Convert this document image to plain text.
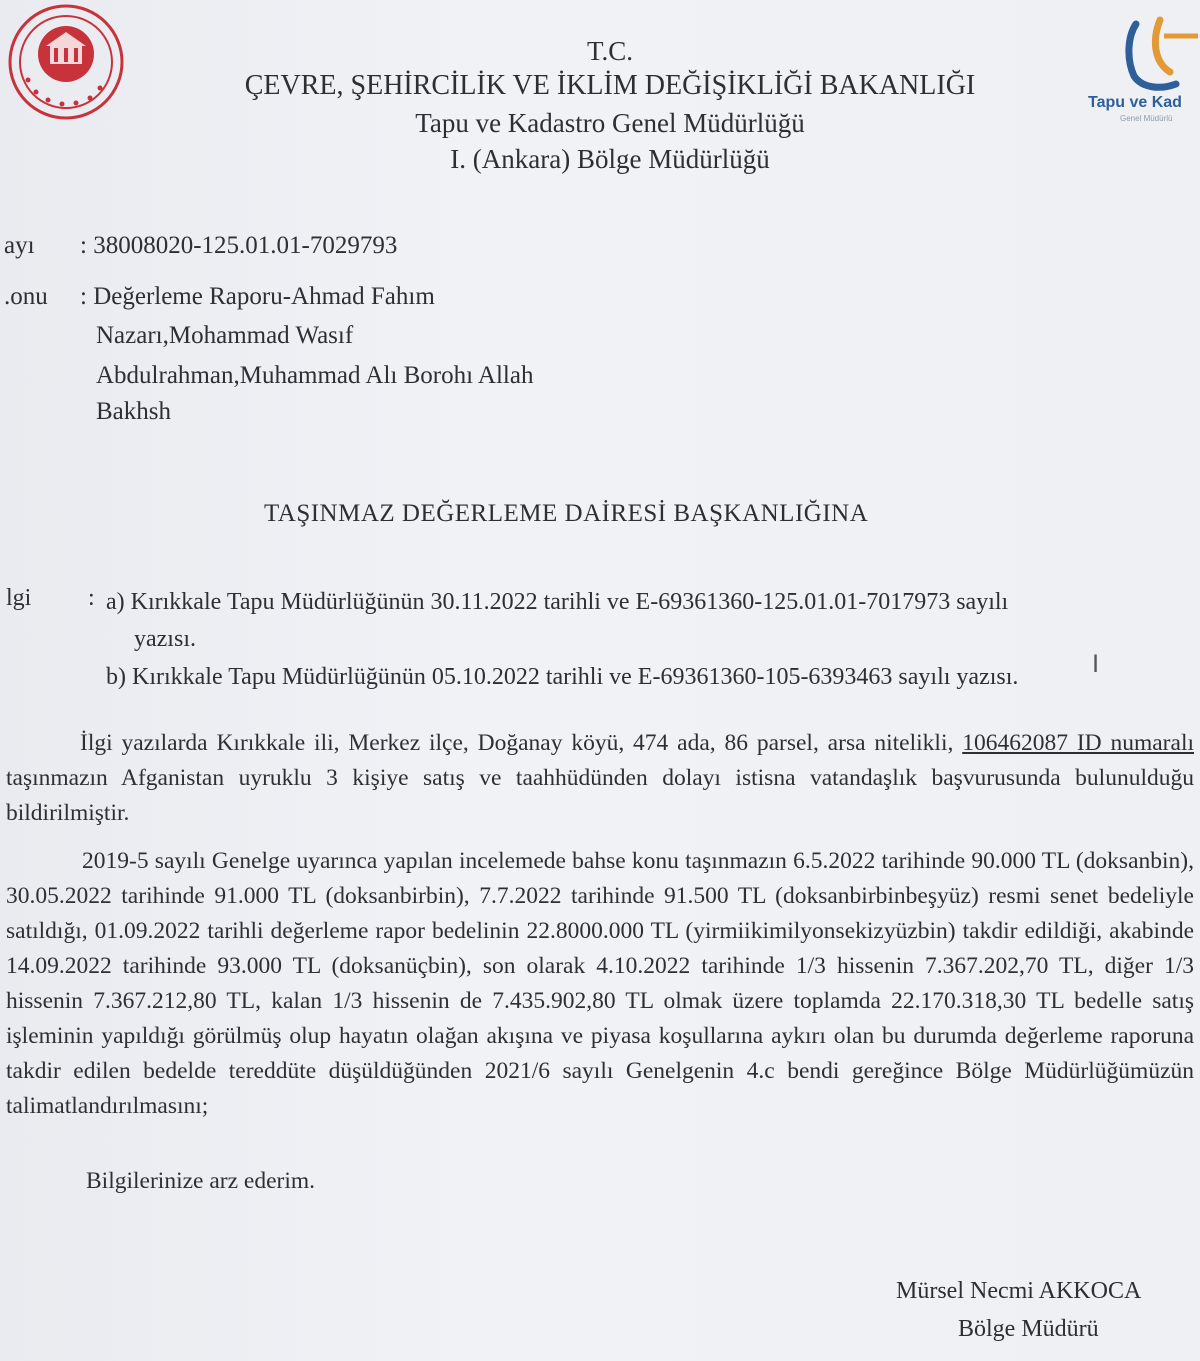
Tapu ve Kad
Genel Müdürlü
T.C.
ÇEVRE, ŞEHİRCİLİK VE İKLİM DEĞİŞİKLİĞİ BAKANLIĞI
Tapu ve Kadastro Genel Müdürlüğü
I. (Ankara) Bölge Müdürlüğü
ayı : 38008020-125.01.01-7029793
.onu : Değerleme Raporu-Ahmad Fahım
Nazarı,Mohammad Wasıf
Abdulrahman,Muhammad Alı Borohı Allah
Bakhsh
TAŞINMAZ DEĞERLEME DAİRESİ BAŞKANLIĞINA
lgi : a) Kırıkkale Tapu Müdürlüğünün 30.11.2022 tarihli ve E-69361360-125.01.01-7017973 sayılı
yazısı.
b) Kırıkkale Tapu Müdürlüğünün 05.10.2022 tarihli ve E-69361360-105-6393463 sayılı yazısı.	I

İlgi yazılarda Kırıkkale ili, Merkez ilçe, Doğanay köyü, 474 ada, 86 parsel, arsa nitelikli, 106462087 ID numaralı taşınmazın Afganistan uyruklu 3 kişiye satış ve taahhüdünden dolayı istisna vatandaşlık başvurusunda bulunulduğu bildirilmiştir.

2019-5 sayılı Genelge uyarınca yapılan incelemede bahse konu taşınmazın 6.5.2022 tarihinde 90.000 TL (doksanbin), 30.05.2022 tarihinde 91.000 TL (doksanbirbin), 7.7.2022 tarihinde 91.500 TL (doksanbirbinbeşyüz) resmi senet bedeliyle satıldığı, 01.09.2022 tarihli değerleme rapor bedelinin 22.8000.000 TL (yirmiikimilyonsekizyüzbin) takdir edildiği, akabinde 14.09.2022 tarihinde 93.000 TL (doksanüçbin), son olarak 4.10.2022 tarihinde 1/3 hissenin 7.367.202,70 TL, diğer 1/3 hissenin 7.367.212,80 TL, kalan 1/3 hissenin de 7.435.902,80 TL olmak üzere toplamda 22.170.318,30 TL bedelle satış işleminin yapıldığı görülmüş olup hayatın olağan akışına ve piyasa koşullarına aykırı olan bu durumda değerleme raporuna takdir edilen bedelde tereddüte düşüldüğünden 2021/6 sayılı Genelgenin 4.c bendi gereğince Bölge Müdürlüğümüzün talimatlandırılmasını;

Bilgilerinize arz ederim.

Mürsel Necmi AKKOCA
Bölge Müdürü
